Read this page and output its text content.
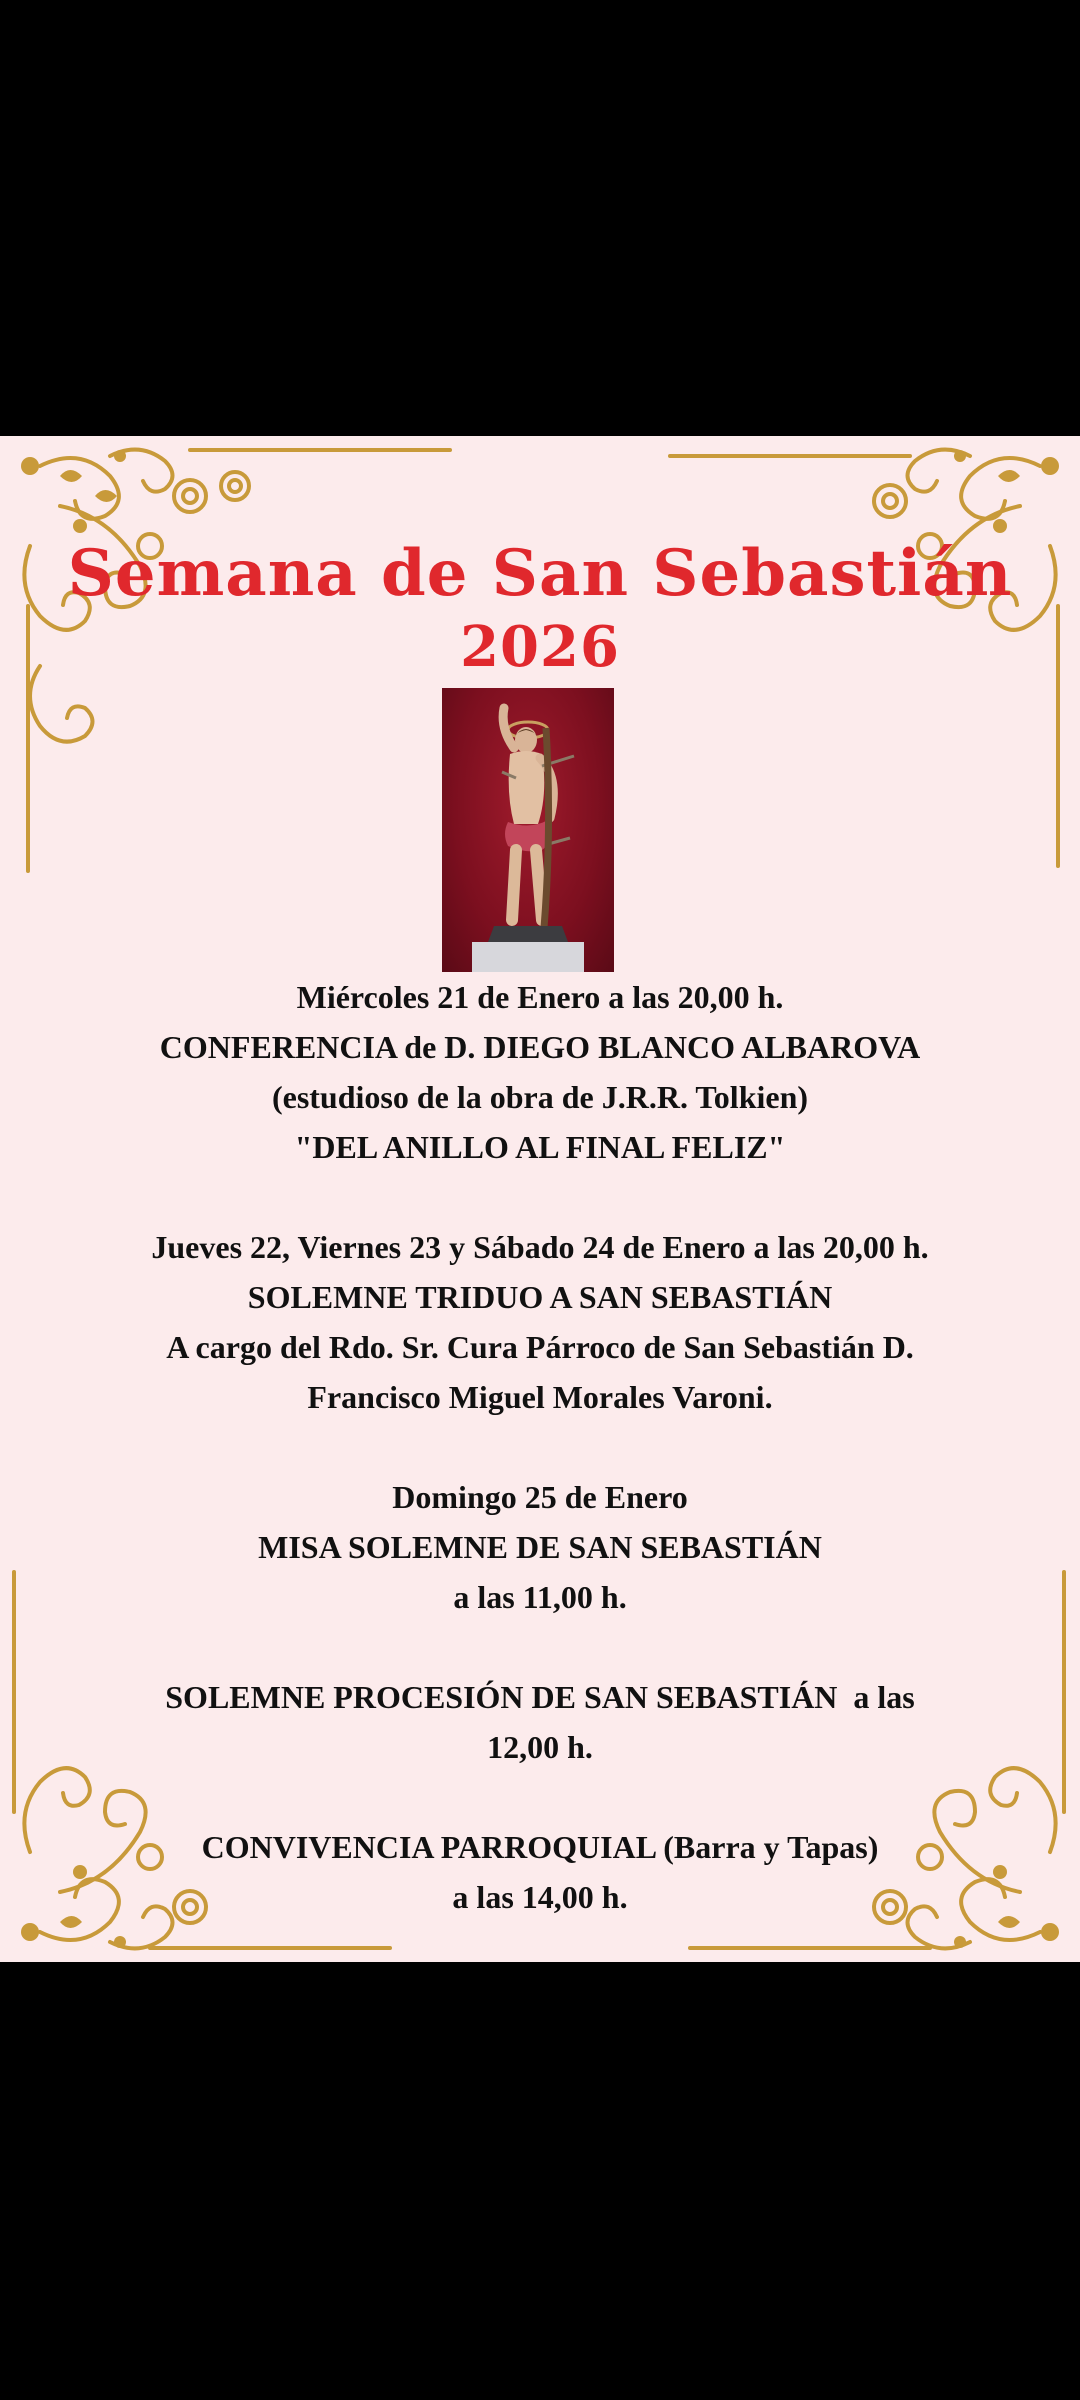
Semana de San Sebastián
2026

Miércoles 21 de Enero a las 20,00 h.

CONFERENCIA de D. DIEGO BLANCO ALBAROVA

(estudioso de la obra de J.R.R. Tolkien)

"DEL ANILLO AL FINAL FELIZ"

Jueves 22, Viernes 23 y Sábado 24 de Enero a las 20,00 h.

SOLEMNE TRIDUO A SAN SEBASTIÁN

A cargo del Rdo. Sr. Cura Párroco de San Sebastián D.

Francisco Miguel Morales Varoni.

Domingo 25 de Enero

MISA SOLEMNE DE SAN SEBASTIÁN

a las 11,00 h.

SOLEMNE PROCESIÓN DE SAN SEBASTIÁN  a las

12,00 h.

CONVIVENCIA PARROQUIAL (Barra y Tapas)

a las 14,00 h.
